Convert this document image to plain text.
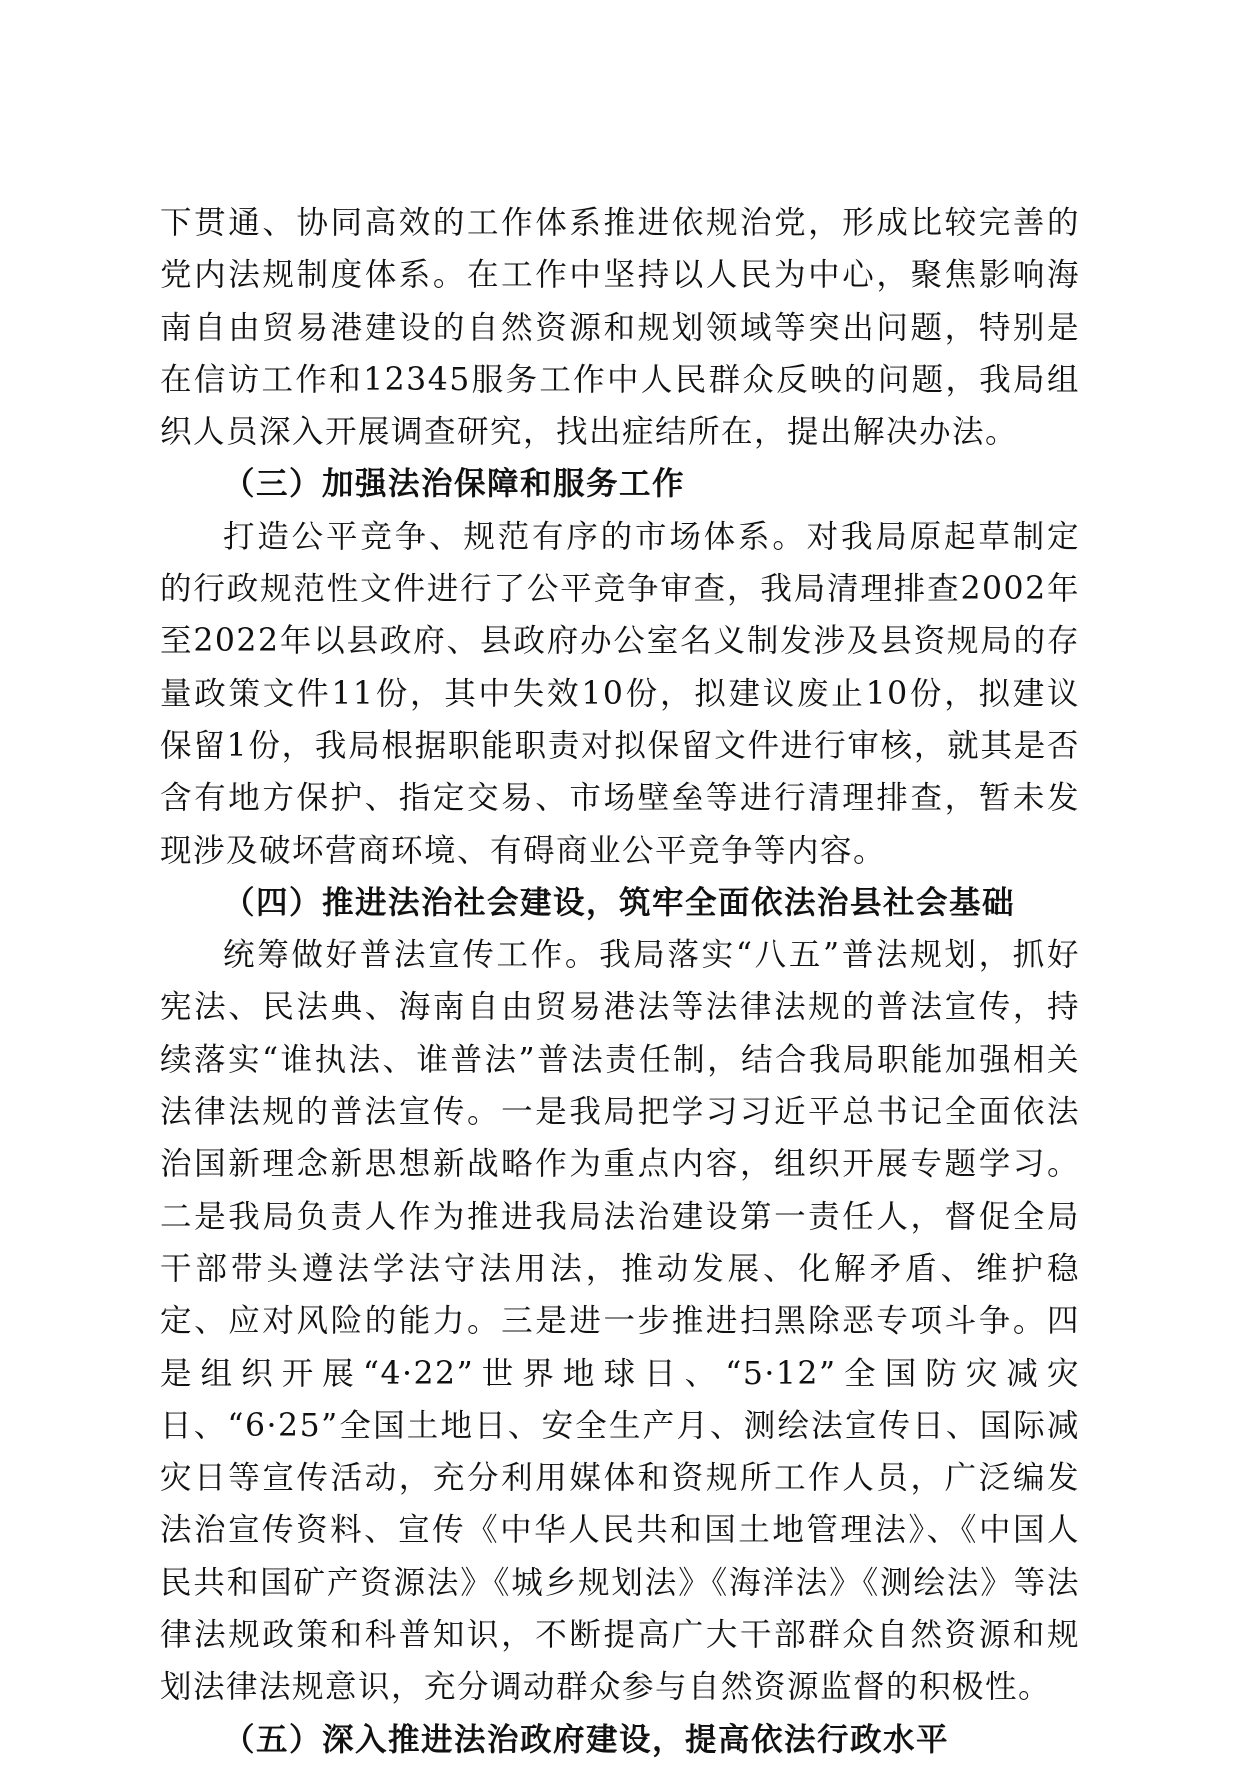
下贯通、协同高效的工作体系推进依规治党，形成比较完善的党内法规制度体系。在工作中坚持以人民为中心，聚焦影响海南自由贸易港建设的自然资源和规划领域等突出问题，特别是在信访工作和12345服务工作中人民群众反映的问题，我局组织人员深入开展调查研究，找出症结所在，提出解决办法。

（三）加强法治保障和服务工作

打造公平竞争、规范有序的市场体系。对我局原起草制定的行政规范性文件进行了公平竞争审查，我局清理排查2002年至2022年以县政府、县政府办公室名义制发涉及县资规局的存量政策文件11份，其中失效10份，拟建议废止10份，拟建议保留1份，我局根据职能职责对拟保留文件进行审核，就其是否含有地方保护、指定交易、市场壁垒等进行清理排查，暂未发现涉及破坏营商环境、有碍商业公平竞争等内容。

（四）推进法治社会建设，筑牢全面依法治县社会基础

统筹做好普法宣传工作。我局落实“八五”普法规划，抓好宪法、民法典、海南自由贸易港法等法律法规的普法宣传，持续落实“谁执法、谁普法”普法责任制，结合我局职能加强相关法律法规的普法宣传。一是我局把学习习近平总书记全面依法治国新理念新思想新战略作为重点内容，组织开展专题学习。二是我局负责人作为推进我局法治建设第一责任人，督促全局干部带头遵法学法守法用法，推动发展、化解矛盾、维护稳定、应对风险的能力。三是进一步推进扫黑除恶专项斗争。四是组织开展“4·22”世界地球日、“5·12”全国防灾减灾日、“6·25”全国土地日、安全生产月、测绘法宣传日、国际减灾日等宣传活动，充分利用媒体和资规所工作人员，广泛编发法治宣传资料、宣传《中华人民共和国土地管理法》、《中国人民共和国矿产资源法》《城乡规划法》《海洋法》《测绘法》等法律法规政策和科普知识，不断提高广大干部群众自然资源和规划法律法规意识，充分调动群众参与自然资源监督的积极性。

（五）深入推进法治政府建设，提高依法行政水平
